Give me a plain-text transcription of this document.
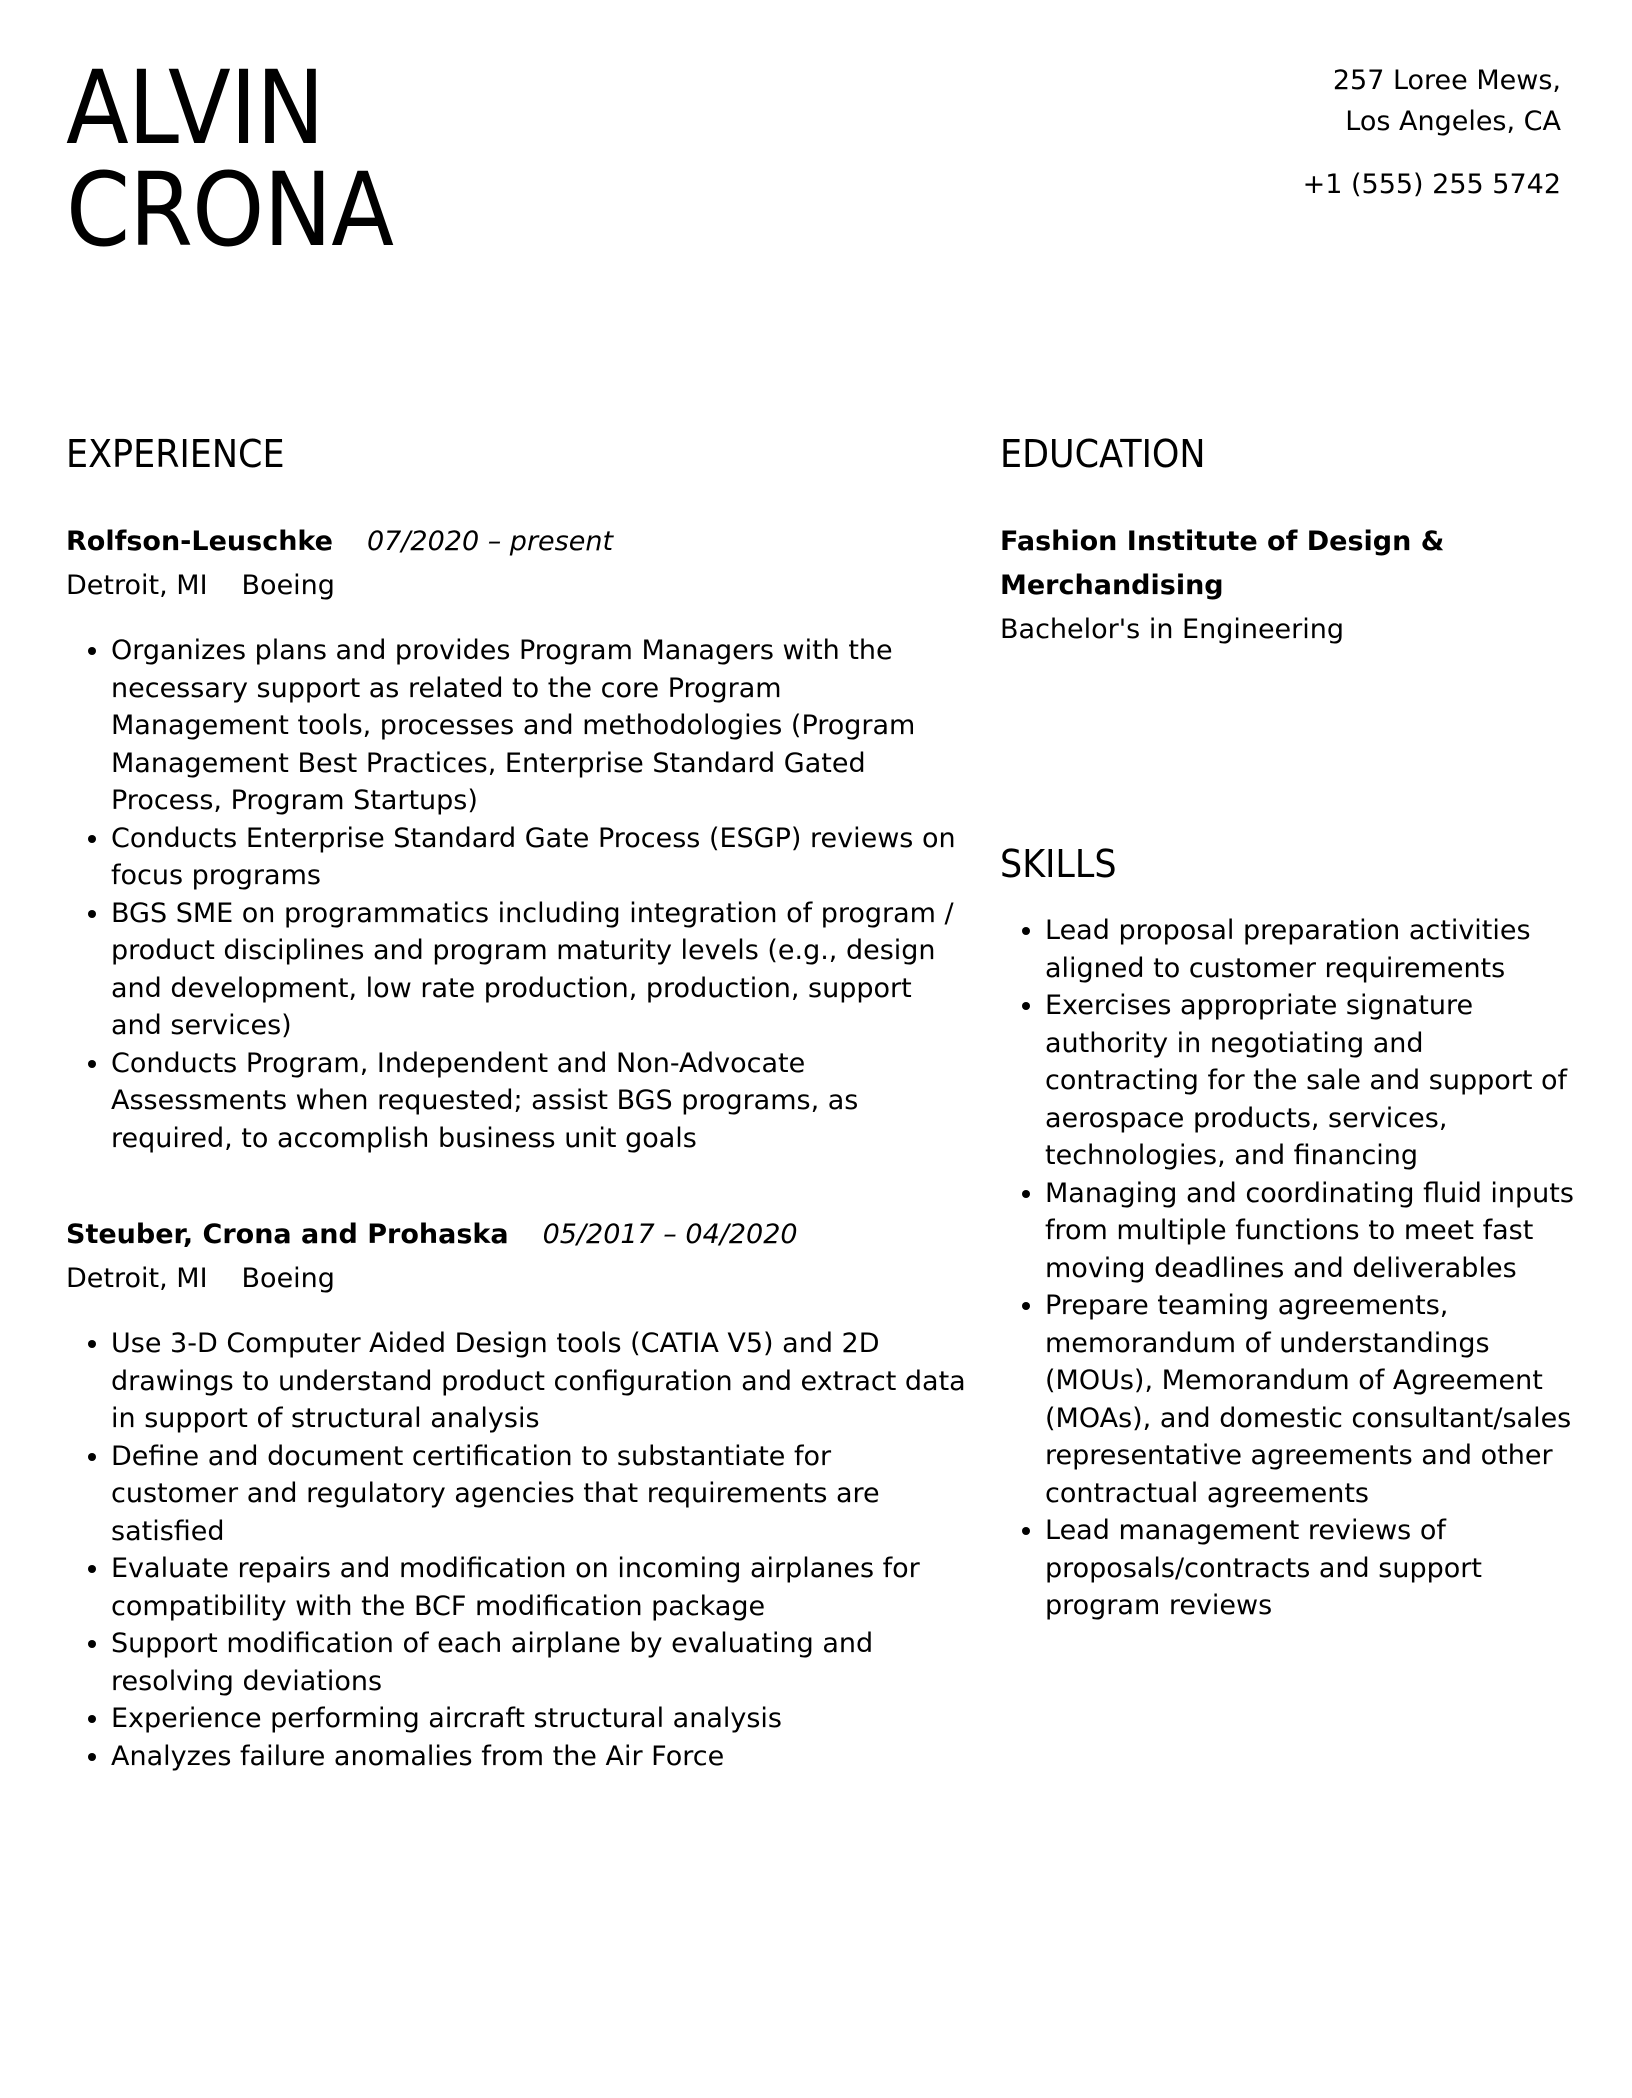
ALVIN
CRONA
257 Loree Mews,
Los Angeles, CA
+1 (555) 255 5742
EXPERIENCE
Rolfson-Leuschke 07/2020 – present
Detroit, MI Boeing
• Organizes plans and provides Program Managers with the necessary support as related to the core Program Management tools, processes and methodologies (Program Management Best Practices, Enterprise Standard Gated Process, Program Startups)
• Conducts Enterprise Standard Gate Process (ESGP) reviews on focus programs
• BGS SME on programmatics including integration of program / product disciplines and program maturity levels (e.g., design and development, low rate production, production, support and services)
• Conducts Program, Independent and Non-Advocate Assessments when requested; assist BGS programs, as required, to accomplish business unit goals
Steuber, Crona and Prohaska 05/2017 – 04/2020
Detroit, MI Boeing
• Use 3-D Computer Aided Design tools (CATIA V5) and 2D drawings to understand product configuration and extract data in support of structural analysis
• Define and document certification to substantiate for customer and regulatory agencies that requirements are satisfied
• Evaluate repairs and modification on incoming airplanes for compatibility with the BCF modification package
• Support modification of each airplane by evaluating and resolving deviations
• Experience performing aircraft structural analysis
• Analyzes failure anomalies from the Air Force
EDUCATION
Fashion Institute of Design & Merchandising
Bachelor's in Engineering
SKILLS
• Lead proposal preparation activities aligned to customer requirements
• Exercises appropriate signature authority in negotiating and contracting for the sale and support of aerospace products, services, technologies, and financing
• Managing and coordinating fluid inputs from multiple functions to meet fast moving deadlines and deliverables
• Prepare teaming agreements, memorandum of understandings (MOUs), Memorandum of Agreement (MOAs), and domestic consultant/sales representative agreements and other contractual agreements
• Lead management reviews of proposals/contracts and support program reviews
